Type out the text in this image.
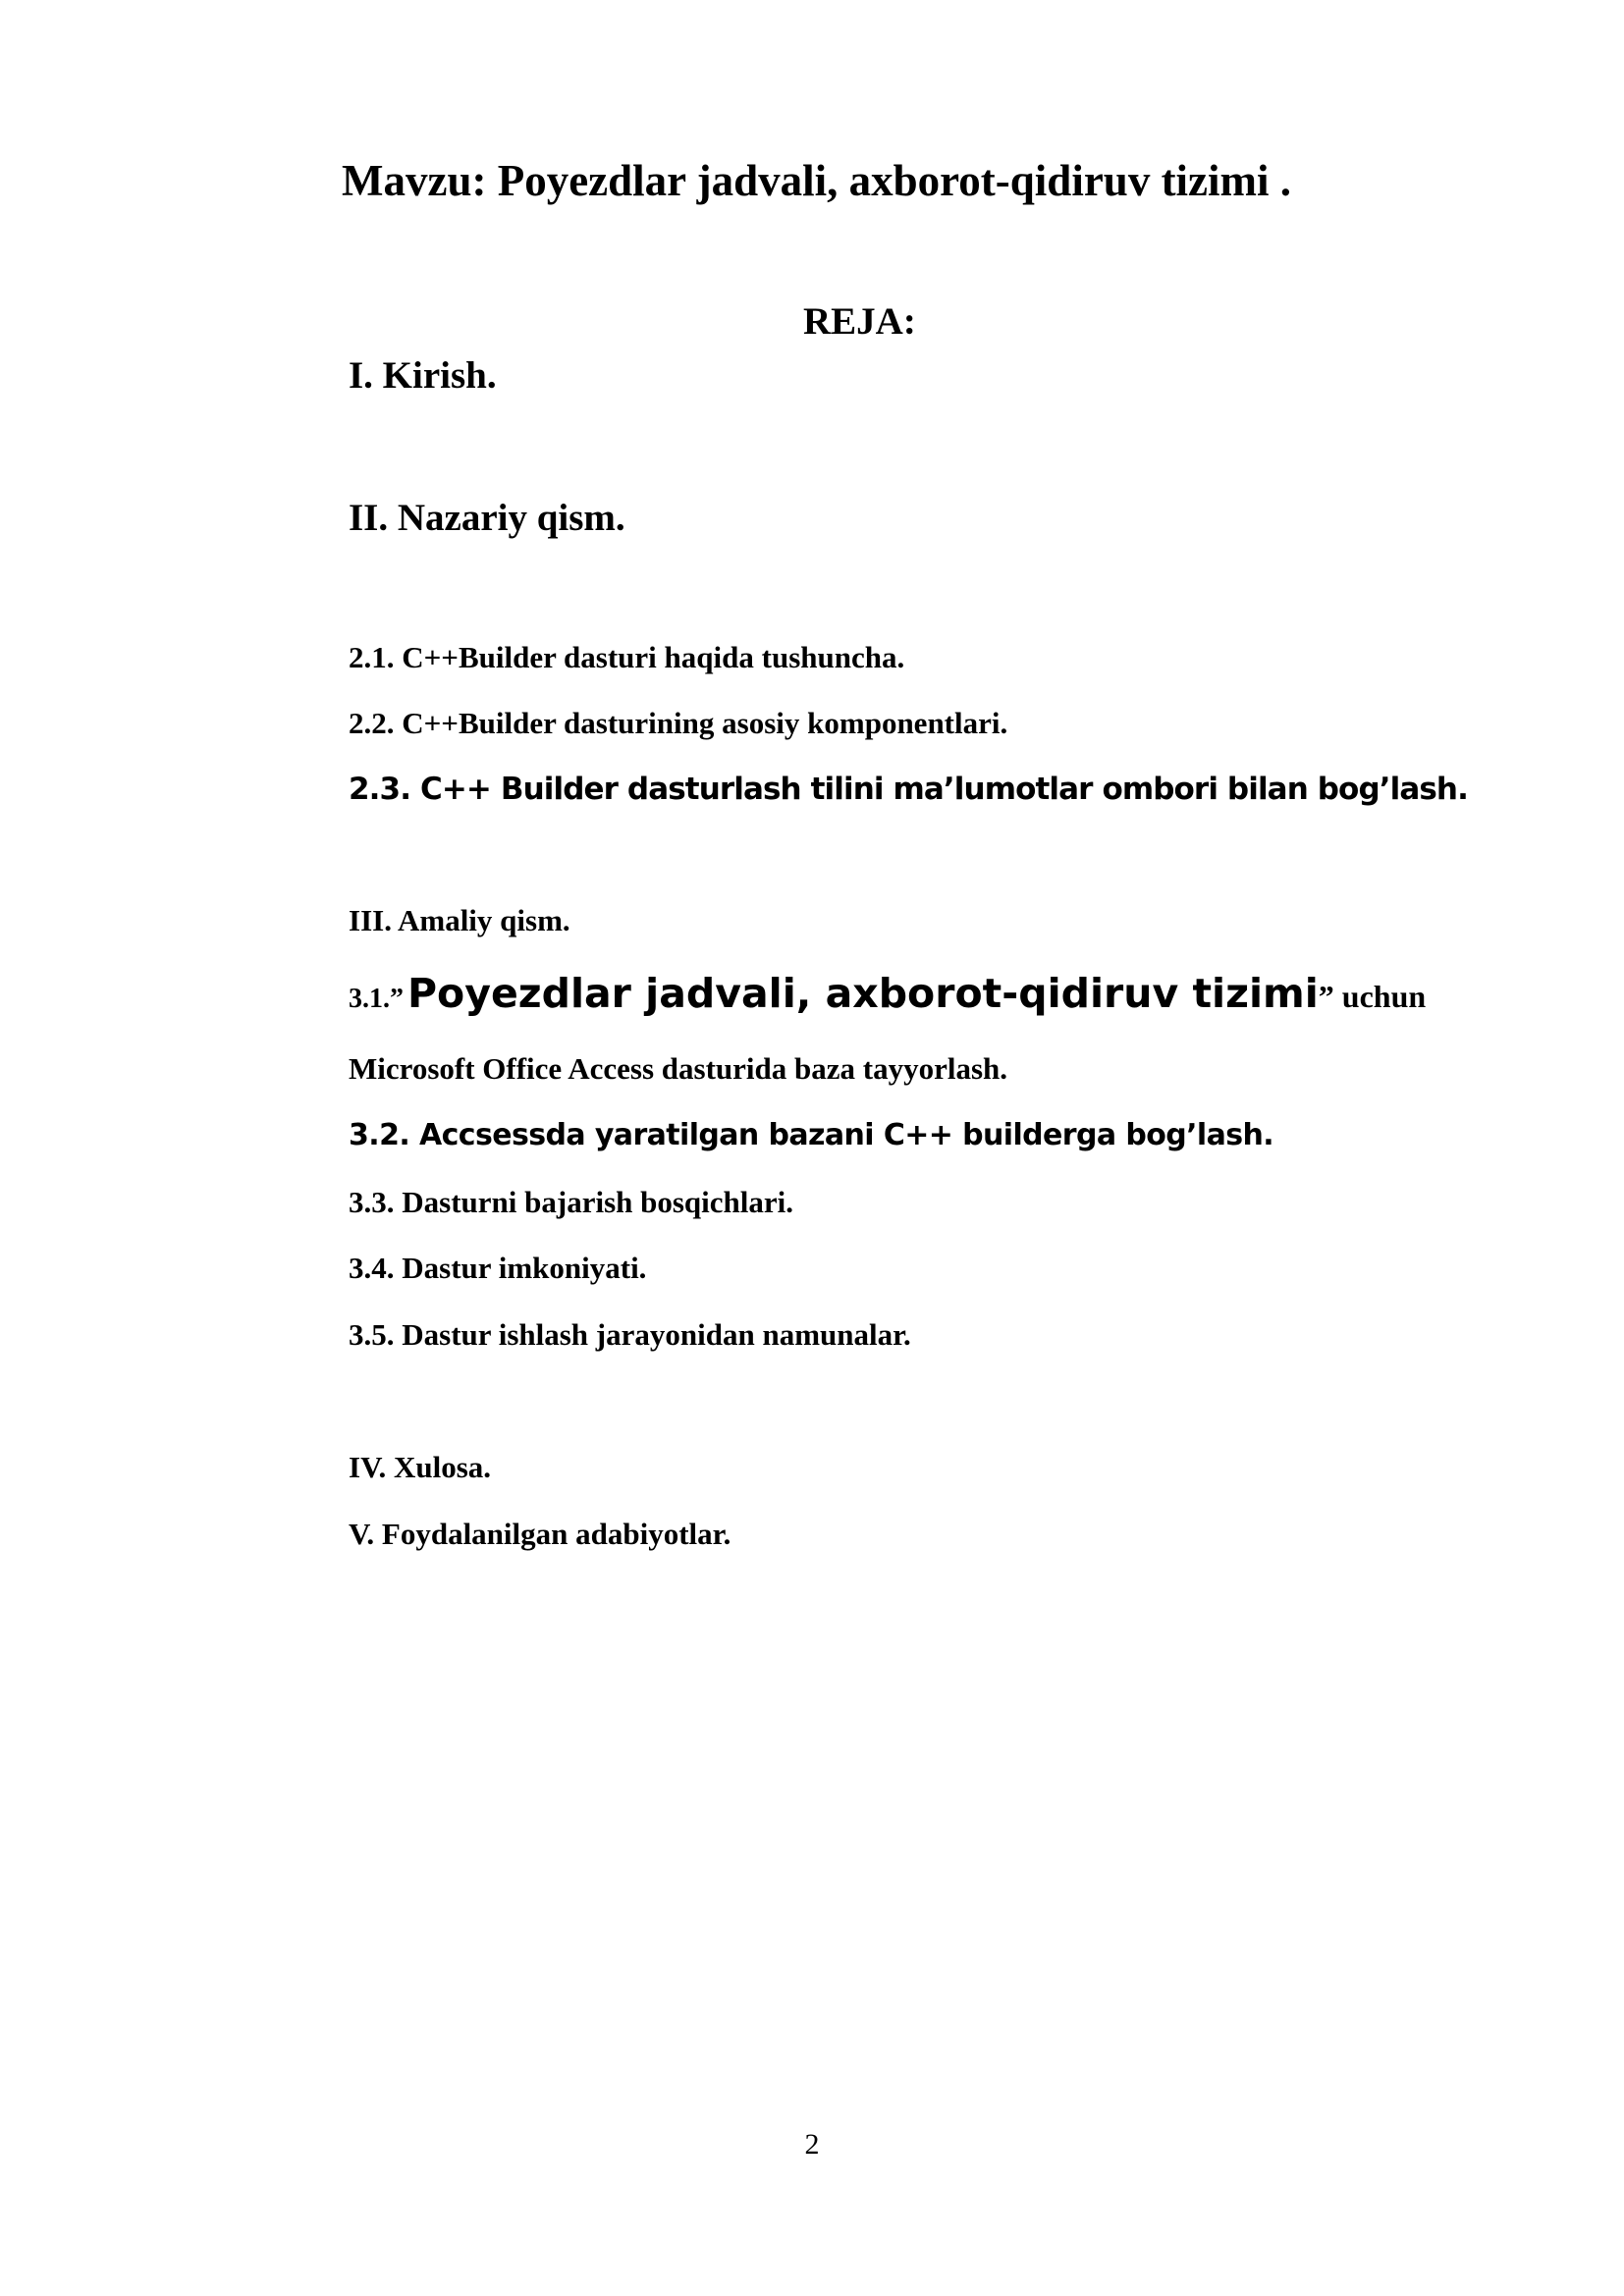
Mavzu: Poyezdlar jadvali, axborot-qidiruv tizimi .
REJA:
I. Kirish.
II. Nazariy qism.
2.1. C++Builder dasturi haqida tushuncha.
2.2. C++Builder dasturining asosiy komponentlari.
2.3. C++ Builder dasturlash tilini ma’lumotlar ombori bilan bog’lash.
III. Amaliy qism.
3.1.” Poyezdlar jadvali, axborot-qidiruv tizimi” uchun
Microsoft Office Access dasturida baza tayyorlash.
3.2. Accsessda yaratilgan bazani C++ builderga bog’lash.
3.3. Dasturni bajarish bosqichlari.
3.4. Dastur imkoniyati.
3.5. Dastur ishlash jarayonidan namunalar.
IV. Xulosa.
V. Foydalanilgan adabiyotlar.
2
